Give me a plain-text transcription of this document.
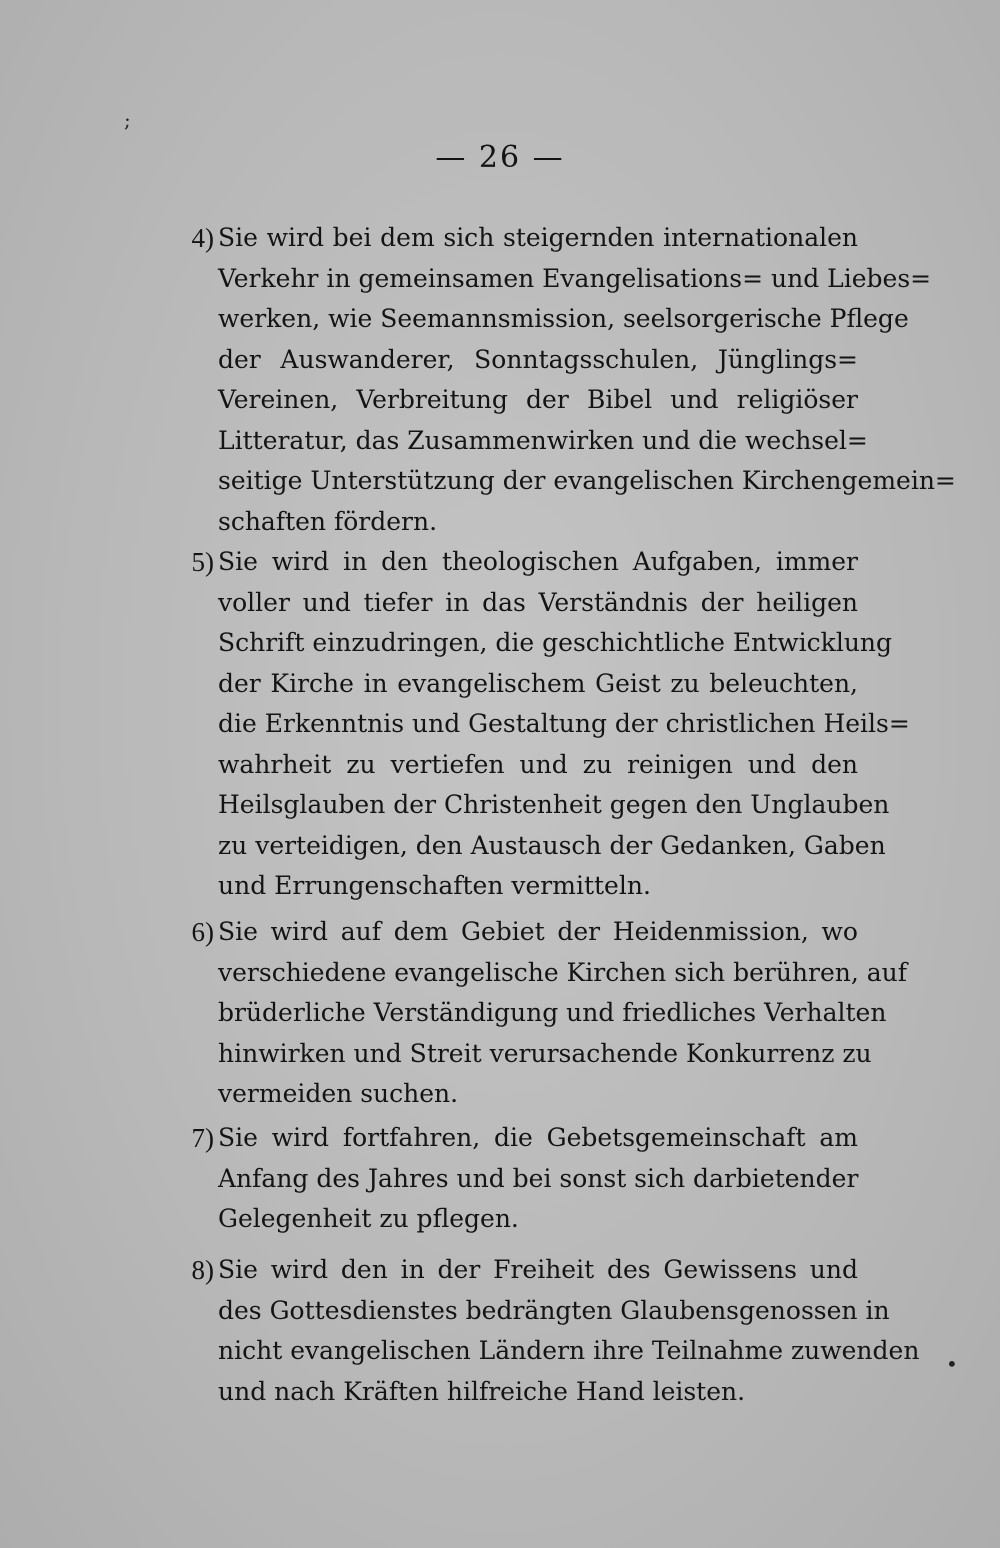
;
•
— 26 —
4) Sie wird bei dem sich steigernden internationalen
Verkehr in gemeinsamen Evangelisations= und Liebes=
werken, wie Seemannsmission, seelsorgerische Pflege
der Auswanderer, Sonntagsschulen, Jünglings=
Vereinen, Verbreitung der Bibel und religiöser
Litteratur, das Zusammenwirken und die wechsel=
seitige Unterstützung der evangelischen Kirchengemein=
schaften fördern.
5) Sie wird in den theologischen Aufgaben, immer
voller und tiefer in das Verständnis der heiligen
Schrift einzudringen, die geschichtliche Entwicklung
der Kirche in evangelischem Geist zu beleuchten,
die Erkenntnis und Gestaltung der christlichen Heils=
wahrheit zu vertiefen und zu reinigen und den
Heilsglauben der Christenheit gegen den Unglauben
zu verteidigen, den Austausch der Gedanken, Gaben
und Errungenschaften vermitteln.
6) Sie wird auf dem Gebiet der Heidenmission, wo
verschiedene evangelische Kirchen sich berühren, auf
brüderliche Verständigung und friedliches Verhalten
hinwirken und Streit verursachende Konkurrenz zu
vermeiden suchen.
7) Sie wird fortfahren, die Gebetsgemeinschaft am
Anfang des Jahres und bei sonst sich darbietender
Gelegenheit zu pflegen.
8) Sie wird den in der Freiheit des Gewissens und
des Gottesdienstes bedrängten Glaubensgenossen in
nicht evangelischen Ländern ihre Teilnahme zuwenden
und nach Kräften hilfreiche Hand leisten.
